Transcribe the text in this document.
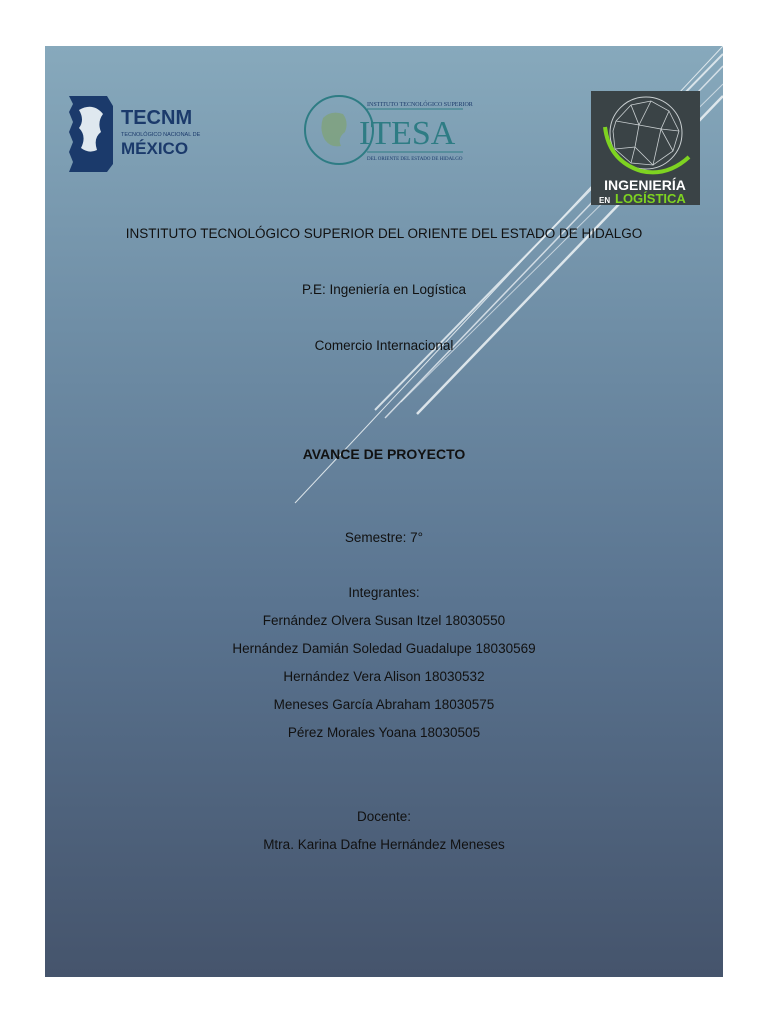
TECNM
TECNOLÓGICO NACIONAL DE
MÉXICO
INSTITUTO TECNOLÓGICO SUPERIOR
ITESA
DEL ORIENTE DEL ESTADO DE HIDALGO
INGENIERÍA
EN LOGÍSTICA
INSTITUTO TECNOLÓGICO SUPERIOR DEL ORIENTE DEL ESTADO DE HIDALGO
P.E: Ingeniería en Logística
Comercio Internacional
AVANCE DE PROYECTO
Semestre: 7°
Integrantes:
Fernández Olvera Susan Itzel 18030550
Hernández Damián Soledad Guadalupe 18030569
Hernández Vera Alison 18030532
Meneses García Abraham 18030575
Pérez Morales Yoana 18030505
Docente:
Mtra. Karina Dafne Hernández Meneses
